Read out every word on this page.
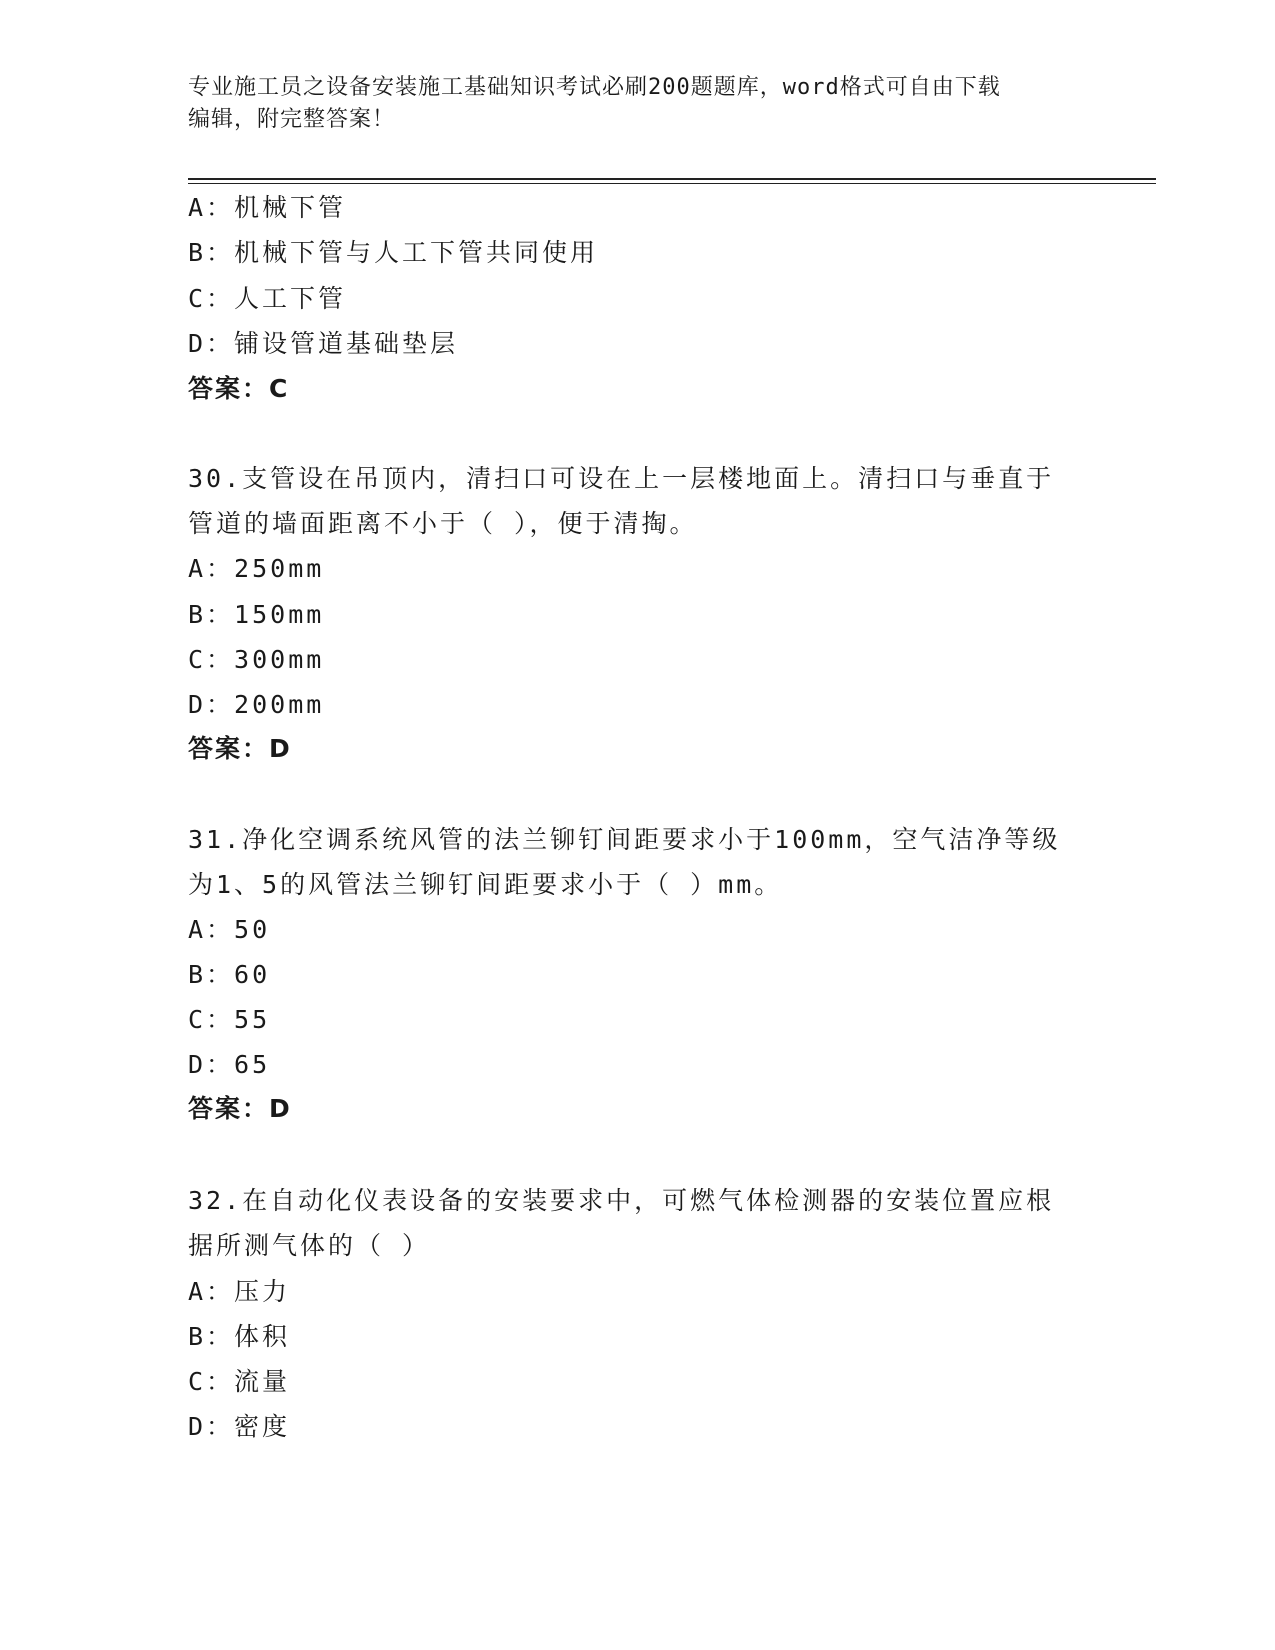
专业施工员之设备安装施工基础知识考试必刷200题题库，word格式可自由下载
编辑，附完整答案！
A：机械下管
B：机械下管与人工下管共同使用
C：人工下管
D：铺设管道基础垫层
答案：C
30.支管设在吊顶内，清扫口可设在上一层楼地面上。清扫口与垂直于
管道的墙面距离不小于（ ），便于清掏。
A：250mm
B：150mm
C：300mm
D：200mm
答案：D
31.净化空调系统风管的法兰铆钉间距要求小于100mm，空气洁净等级
为1、5的风管法兰铆钉间距要求小于（ ）mm。
A：50
B：60
C：55
D：65
答案：D
32.在自动化仪表设备的安装要求中，可燃气体检测器的安装位置应根
据所测气体的（ ）
A：压力
B：体积
C：流量
D：密度
